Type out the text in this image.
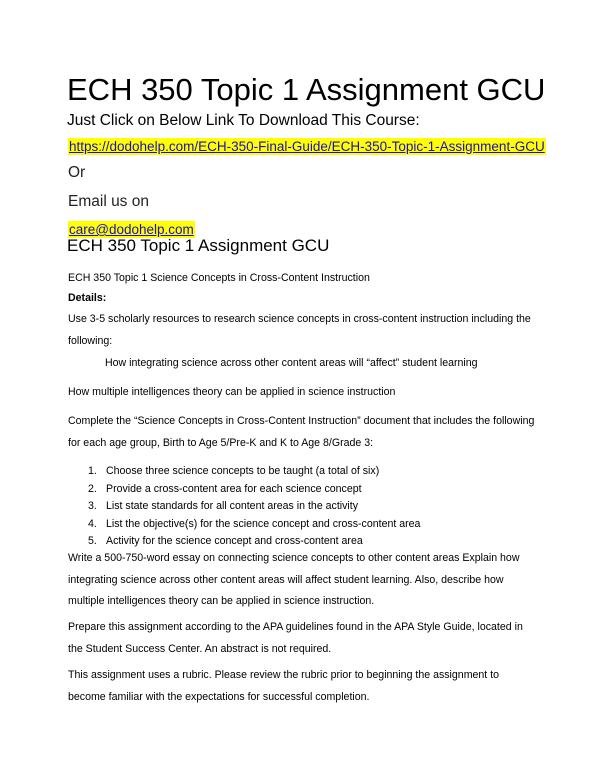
ECH 350 Topic 1 Assignment GCU
Just Click on Below Link To Download This Course:
https://dodohelp.com/ECH-350-Final-Guide/ECH-350-Topic-1-Assignment-GCU
Or
Email us on
care@dodohelp.com
ECH 350 Topic 1 Assignment GCU
ECH 350 Topic 1 Science Concepts in Cross-Content Instruction
Details:
Use 3-5 scholarly resources to research science concepts in cross-content instruction including the following:
How integrating science across other content areas will “affect” student learning
How multiple intelligences theory can be applied in science instruction
Complete the “Science Concepts in Cross-Content Instruction” document that includes the following for each age group, Birth to Age 5/Pre-K and K to Age 8/Grade 3:
1. Choose three science concepts to be taught (a total of six)
2. Provide a cross-content area for each science concept
3. List state standards for all content areas in the activity
4. List the objective(s) for the science concept and cross-content area
5. Activity for the science concept and cross-content area
Write a 500-750-word essay on connecting science concepts to other content areas Explain how integrating science across other content areas will affect student learning. Also, describe how multiple intelligences theory can be applied in science instruction.
Prepare this assignment according to the APA guidelines found in the APA Style Guide, located in the Student Success Center. An abstract is not required.
This assignment uses a rubric. Please review the rubric prior to beginning the assignment to become familiar with the expectations for successful completion.
